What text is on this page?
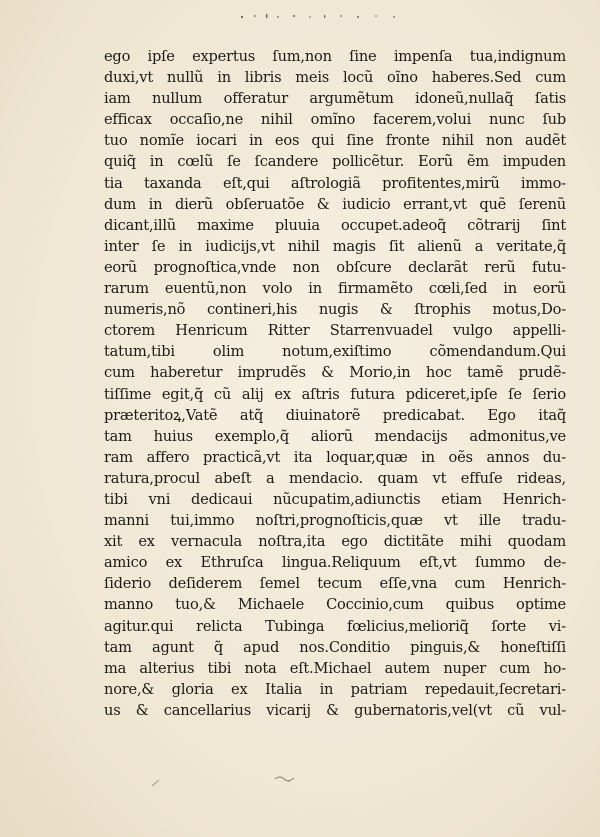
ego ipſe expertus ſum,non ſine impenſa tua,indignum
duxi,vt nullũ in libris meis locũ oĩno haberes.Sed cum
iam nullum offeratur argumẽtum idoneũ,nullaq̃ ſatis
efficax occaſio,ne nihil omĩno facerem,volui nunc ſub
tuo nomĩe iocari in eos qui ſine fronte nihil non audẽt
quiq̃ in cœlũ ſe ſcandere pollicẽtur. Eorũ ẽm impuden
tia taxanda eſt,qui aſtrologiã profitentes,mirũ immo-
dum in dierũ obſeruatõe & iudicio errant,vt quẽ ſerenũ
dicant,illũ maxime pluuia occupet.adeoq̃ cõtrarij ſint
inter ſe in iudicijs,vt nihil magis ſit alienũ a veritate,q̃
eorũ prognoſtica,vnde non obſcure declarãt rerũ futu-
rarum euentũ,non volo in firmamẽto cœli,ſed in eorũ
numeris,nõ contineri,his nugis & ſtrophis motus,Do-
ctorem Henricum Ritter Starrenvuadel vulgo appelli-
tatum,tibi olim notum,exiſtimo cõmendandum.Qui
cum haberetur imprudẽs & Morio,in hoc tamẽ prudẽ-
tiſſime egit,q̃ cũ alij ex aſtris futura pdiceret,ipſe ſe ſerio
præteritoꝝ,Vatẽ atq̃ diuinatorẽ predicabat. Ego itaq̃
tam huius exemplo,q̃ aliorũ mendacijs admonitus,ve
ram affero practicã,vt ita loquar,quæ in oẽs annos du-
ratura,procul abeſt a mendacio. quam vt effuſe rideas,
tibi vni dedicaui nũcupatim,adiunctis etiam Henrich-
manni tui,immo noſtri,prognoſticis,quæ vt ille tradu-
xit ex vernacula noſtra,ita ego dictitãte mihi quodam
amico ex Ethruſca lingua.Reliquum eſt,vt ſummo de-
ſiderio deſiderem ſemel tecum eſſe,vna cum Henrich-
manno tuo,& Michaele Coccinio,cum quibus optime
agitur.qui relicta Tubinga fœlicius,melioriq̃ ſorte vi-
tam agunt q̃ apud nos.Conditio pinguis,& honeſtiſſi
ma alterius tibi nota eſt.Michael autem nuper cum ho-
nore,& gloria ex Italia in patriam repedauit,ſecretari-
us & cancellarius vicarij & gubernatoris,vel(vt cũ vul-
